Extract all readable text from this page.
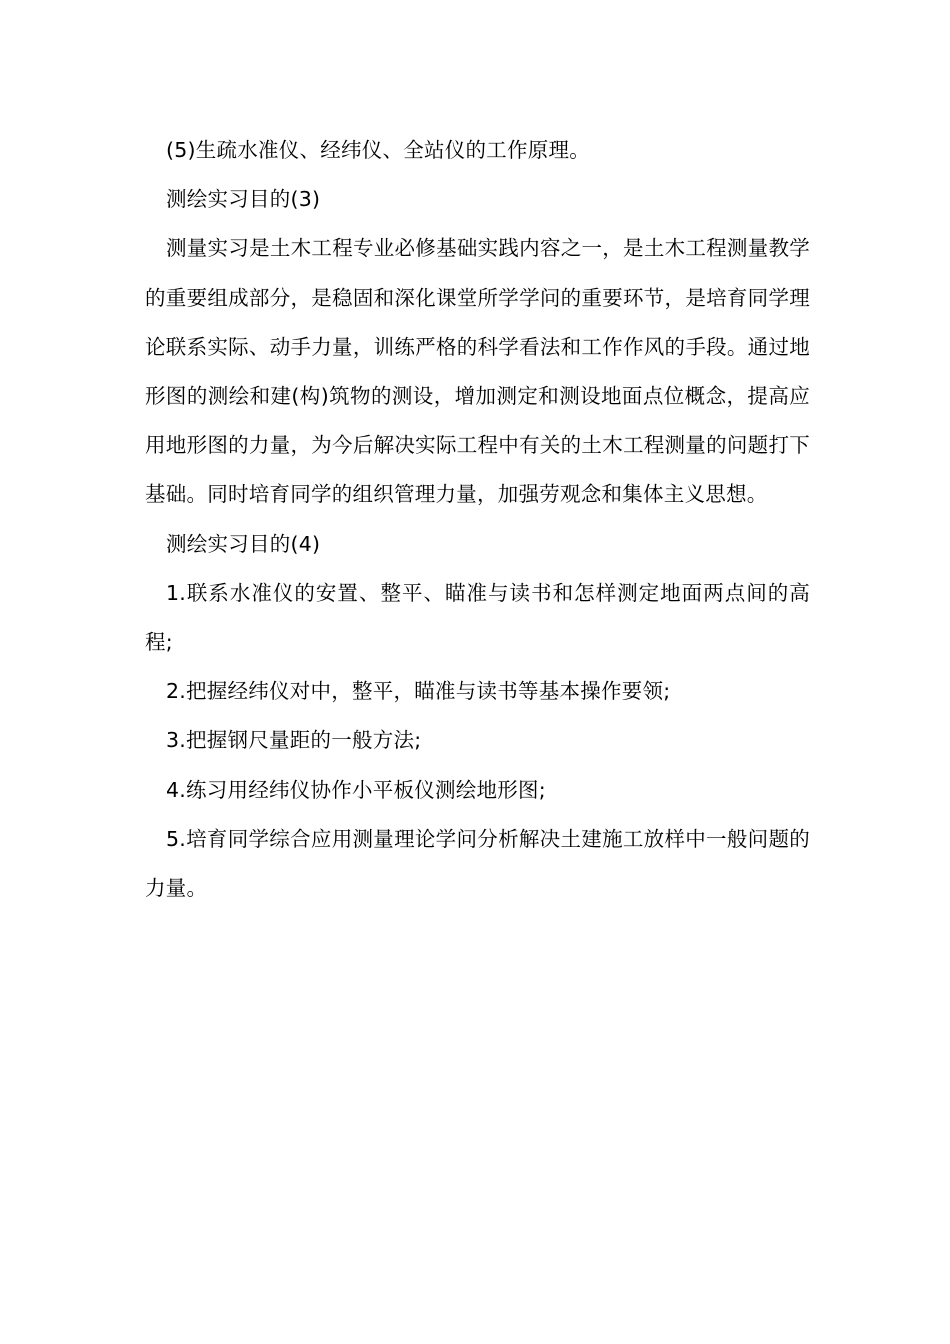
(5)生疏水准仪、经纬仪、全站仪的工作原理。

测绘实习目的(3)

测量实习是土木工程专业必修基础实践内容之一，是土木工程测量教学的重要组成部分，是稳固和深化课堂所学学问的重要环节，是培育同学理论联系实际、动手力量，训练严格的科学看法和工作作风的手段。通过地形图的测绘和建(构)筑物的测设，增加测定和测设地面点位概念，提高应用地形图的力量，为今后解决实际工程中有关的土木工程测量的问题打下基础。同时培育同学的组织管理力量，加强劳观念和集体主义思想。

测绘实习目的(4)

1.联系水准仪的安置、整平、瞄准与读书和怎样测定地面两点间的高程;

2.把握经纬仪对中，整平，瞄准与读书等基本操作要领;

3.把握钢尺量距的一般方法;

4.练习用经纬仪协作小平板仪测绘地形图;

5.培育同学综合应用测量理论学问分析解决土建施工放样中一般问题的力量。
